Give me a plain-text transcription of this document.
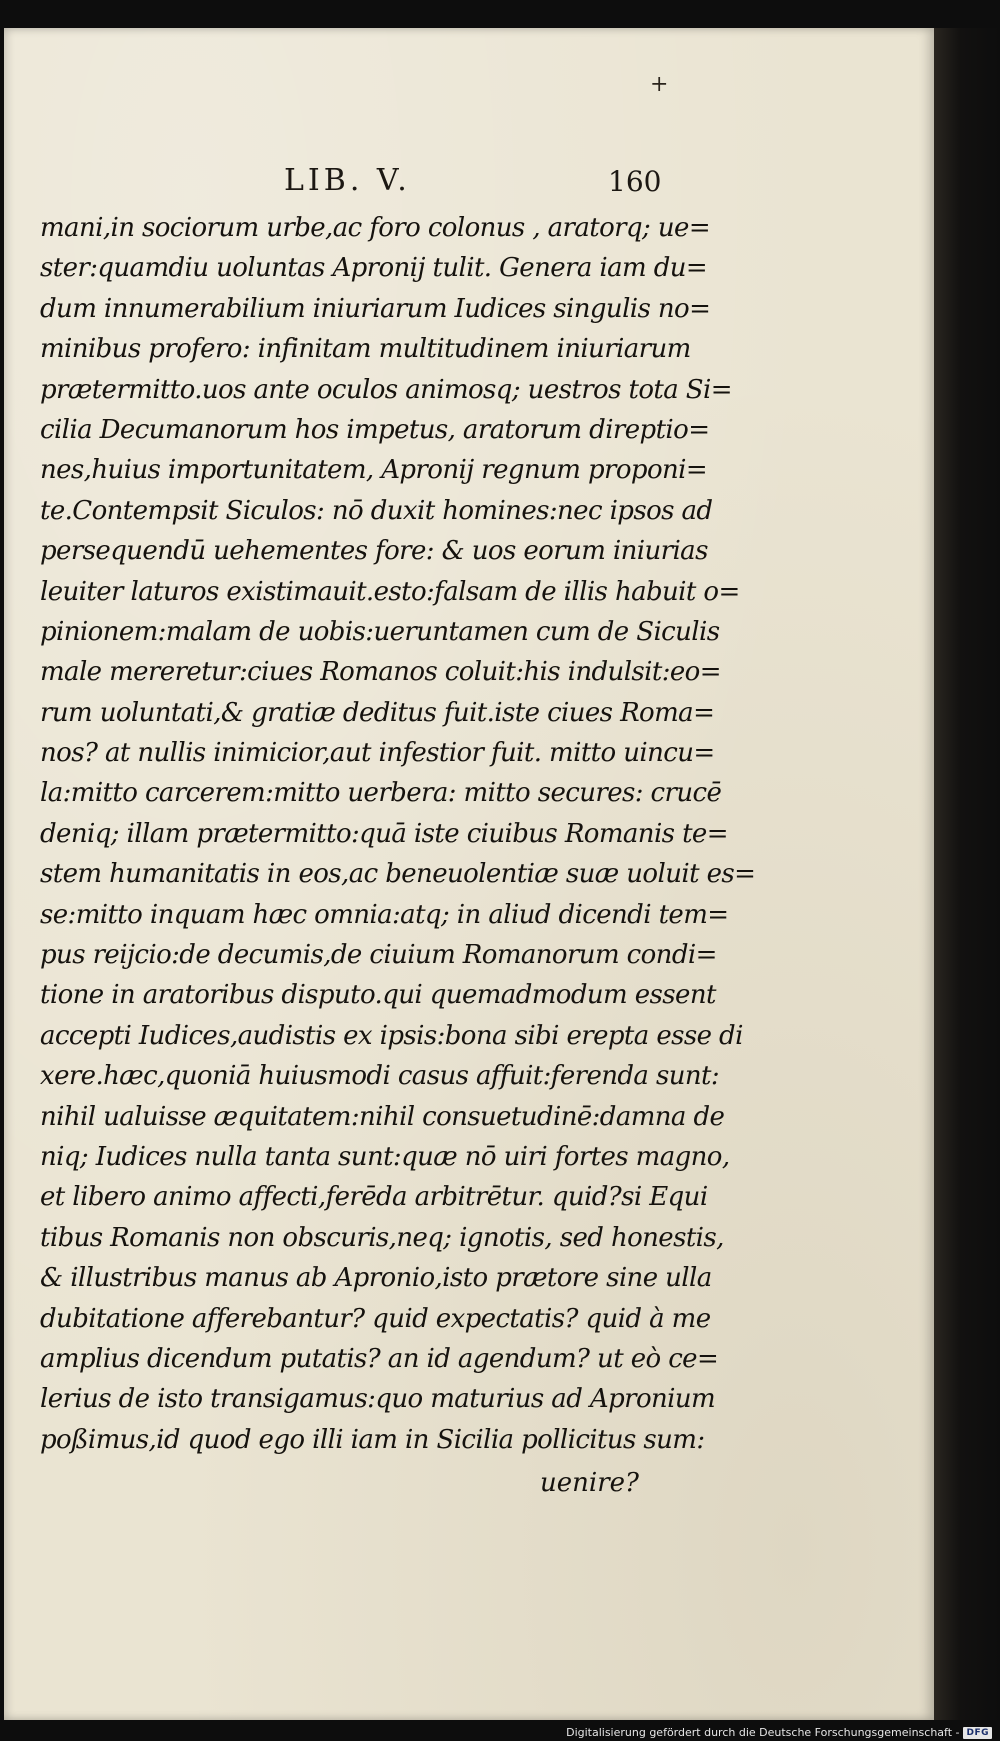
+
LIB. V.	160
mani,in sociorum urbe,ac foro colonus , aratorq; ue=
ster:quamdiu uoluntas Apronij tulit. Genera iam du=
dum innumerabilium iniuriarum Iudices singulis no=
minibus profero: infinitam multitudinem iniuriarum
prætermitto.uos ante oculos animosq; uestros tota Si=
cilia Decumanorum hos impetus, aratorum direptio=
nes,huius importunitatem, Apronij regnum proponi=
te.Contempsit Siculos: nō duxit homines:nec ipsos ad
persequendū uehementes fore: & uos eorum iniurias
leuiter laturos existimauit.esto:falsam de illis habuit o=
pinionem:malam de uobis:ueruntamen cum de Siculis
male mereretur:ciues Romanos coluit:his indulsit:eo=
rum uoluntati,& gratiæ deditus fuit.iste ciues Roma=
nos? at nullis inimicior,aut infestior fuit. mitto uincu=
la:mitto carcerem:mitto uerbera: mitto secures: crucē
deniq; illam prætermitto:quā iste ciuibus Romanis te=
stem humanitatis in eos,ac beneuolentiæ suæ uoluit es=
se:mitto inquam hæc omnia:atq; in aliud dicendi tem=
pus reijcio:de decumis,de ciuium Romanorum condi=
tione in aratoribus disputo.qui quemadmodum essent
accepti Iudices,audistis ex ipsis:bona sibi erepta esse di
xere.hæc,quoniā huiusmodi casus affuit:ferenda sunt:
nihil ualuisse æquitatem:nihil consuetudinē:damna de
niq; Iudices nulla tanta sunt:quæ nō uiri fortes magno,
et libero animo affecti,ferēda arbitrētur. quid?si Equi
tibus Romanis non obscuris,neq; ignotis, sed honestis,
& illustribus manus ab Apronio,isto prætore sine ulla
dubitatione afferebantur? quid expectatis? quid à me
amplius dicendum putatis? an id agendum? ut eò ce=
lerius de isto transigamus:quo maturius ad Apronium
poßimus,id quod ego illi iam in Sicilia pollicitus sum:
uenire?
Digitalisierung gefördert durch die Deutsche Forschungsgemeinschaft - DFG
